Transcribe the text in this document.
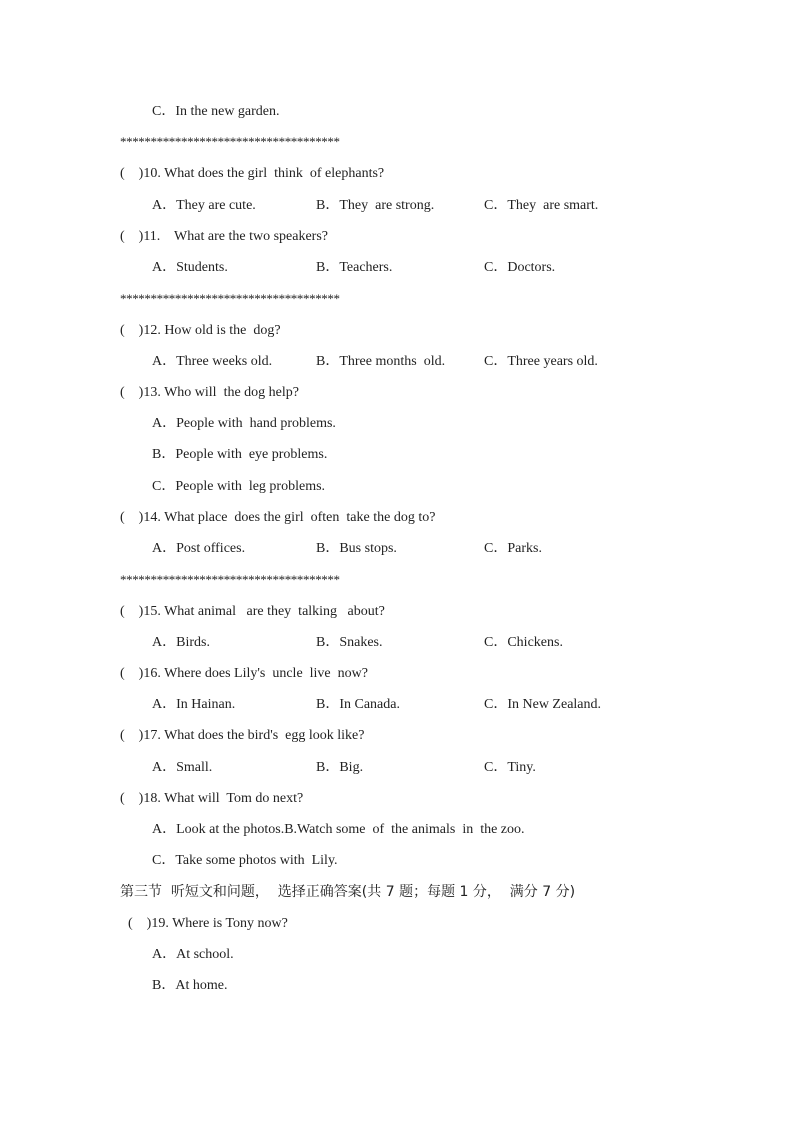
C．In the new garden.
************************************
(    )10. What does the girl  think  of elephants?
A．They are cute.	B．They  are strong.	C．They  are smart.
(    )11.    What are the two speakers?
A．Students.	B．Teachers.	C．Doctors.
************************************
(    )12. How old is the  dog?
A．Three weeks old.	B．Three months  old.	C．Three years old.
(    )13. Who will  the dog help?
A．People with  hand problems.
B．People with  eye problems.
C．People with  leg problems.
(    )14. What place  does the girl  often  take the dog to?
A．Post offices.	B．Bus stops.	C．Parks.
************************************
(    )15. What animal   are they  talking   about?
A．Birds.	B．Snakes.	C．Chickens.
(    )16. Where does Lily's  uncle  live  now?
A．In Hainan.	B．In Canada.	C．In New Zealand.
(    )17. What does the bird's  egg look like?
A．Small.	B．Big.	C．Tiny.
(    )18. What will  Tom do next?
A．Look at the photos.B.Watch some  of  the animals  in  the zoo.
C．Take some photos with  Lily.
第三节  听短文和问题，  选择正确答案(共 7 题；每题 1 分，  满分 7 分)
(    )19. Where is Tony now?
A．At school.
B．At home.
